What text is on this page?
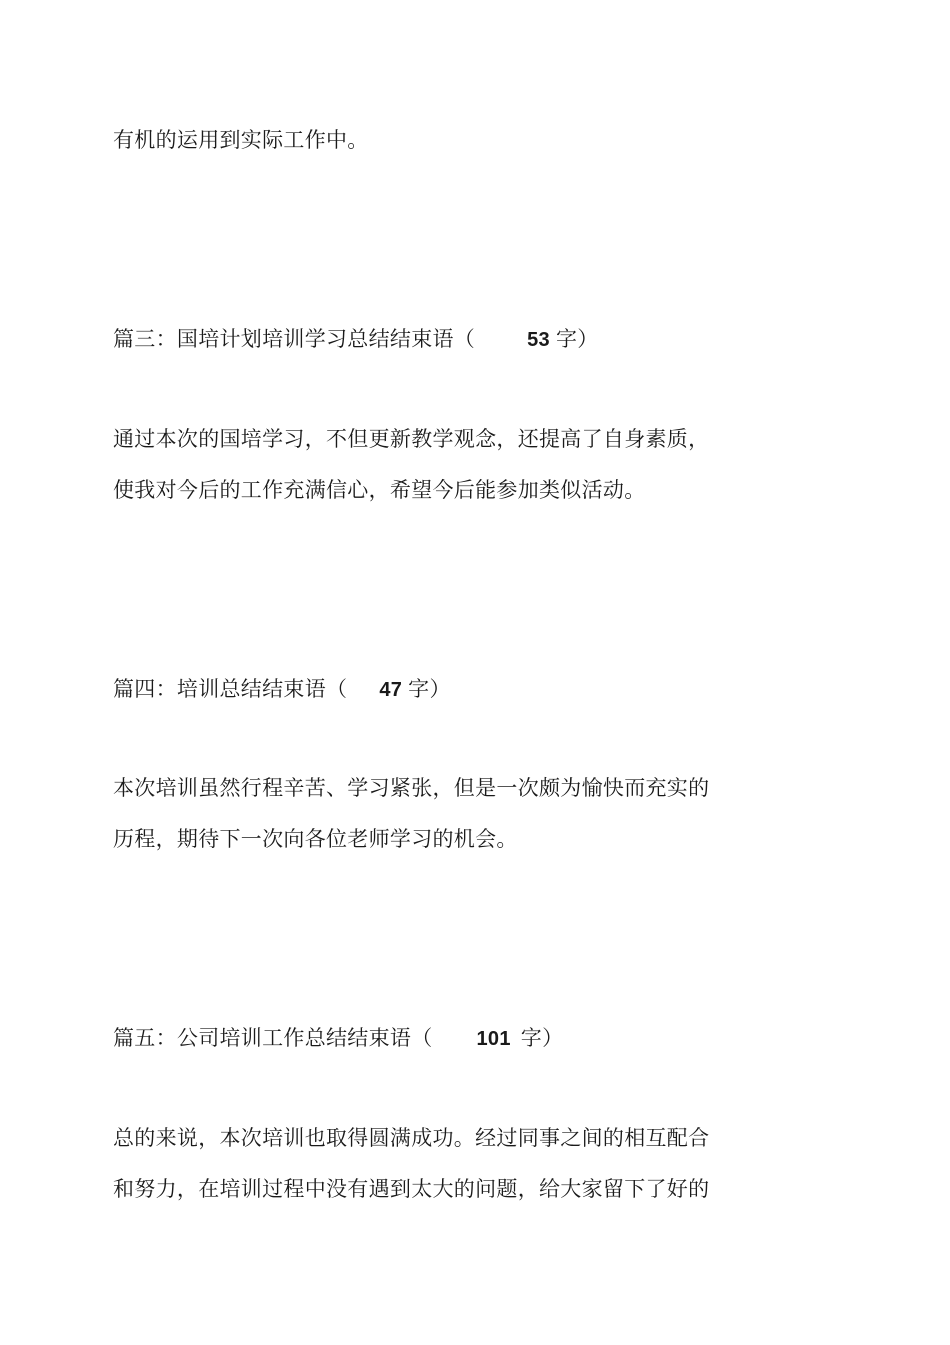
有机的运用到实际工作中。
篇三：国培计划培训学习总结结束语（	53 字）
通过本次的国培学习，不但更新教学观念，还提高了自身素质，
使我对今后的工作充满信心，希望今后能参加类似活动。
篇四：培训总结结束语（ 47 字）
本次培训虽然行程辛苦、学习紧张，但是一次颇为愉快而充实的
历程，期待下一次向各位老师学习的机会。
篇五：公司培训工作总结结束语（ 101 字）
总的来说，本次培训也取得圆满成功。经过同事之间的相互配合
和努力，在培训过程中没有遇到太大的问题，给大家留下了好的
